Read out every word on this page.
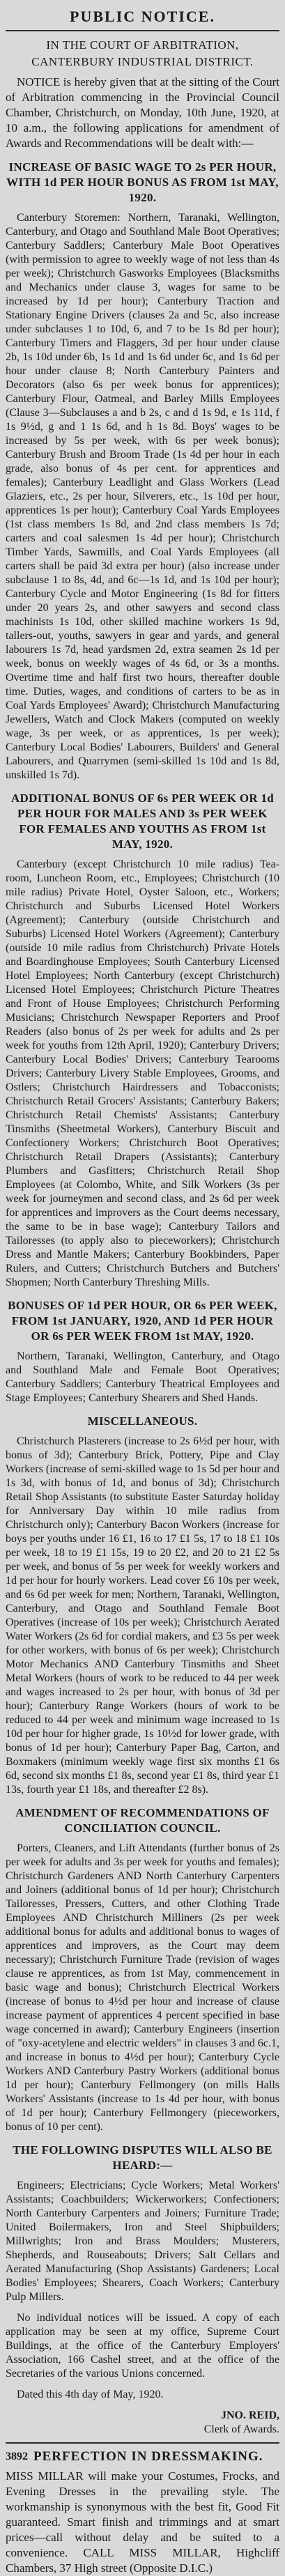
PUBLIC NOTICE.
IN THE COURT OF ARBITRATION,
CANTERBURY INDUSTRIAL DISTRICT.

NOTICE is hereby given that at the sitting of the Court of Arbitration commencing in the Provincial Council Chamber, Christchurch, on Monday, 10th June, 1920, at 10 a.m., the following applications for amendment of Awards and Recommendations will be dealt with:—

INCREASE OF BASIC WAGE TO 2s PER HOUR, WITH 1d PER HOUR BONUS AS FROM 1st MAY, 1920.

Canterbury Storemen: Northern, Taranaki, Wellington, Canterbury, and Otago and Southland Male Boot Operatives; Canterbury Saddlers; Canterbury Male Boot Operatives (with permission to agree to weekly wage of not less than 4s per week); Christchurch Gasworks Employees (Blacksmiths and Mechanics under clause 3, wages for same to be increased by 1d per hour); Canterbury Traction and Stationary Engine Drivers (clauses 2a and 5c, also increase under subclauses 1 to 10d, 6, and 7 to be 1s 8d per hour); Canterbury Timers and Flaggers, 3d per hour under clause 2b, 1s 10d under 6b, 1s 1d and 1s 6d under 6c, and 1s 6d per hour under clause 8; North Canterbury Painters and Decorators (also 6s per week bonus for apprentices); Canterbury Flour, Oatmeal, and Barley Mills Employees (Clause 3—Subclauses a and b 2s, c and d 1s 9d, e 1s 11d, f 1s 9½d, g and 1 1s 6d, and h 1s 8d. Boys' wages to be increased by 5s per week, with 6s per week bonus); Canterbury Brush and Broom Trade (1s 4d per hour in each grade, also bonus of 4s per cent. for apprentices and females); Canterbury Leadlight and Glass Workers (Lead Glaziers, etc., 2s per hour, Silverers, etc., 1s 10d per hour, apprentices 1s per hour); Canterbury Coal Yards Employees (1st class members 1s 8d, and 2nd class members 1s 7d; carters and coal salesmen 1s 4d per hour); Christchurch Timber Yards, Sawmills, and Coal Yards Employees (all carters shall be paid 3d extra per hour) (also increase under subclause 1 to 8s, 4d, and 6c—1s 1d, and 1s 10d per hour); Canterbury Cycle and Motor Engineering (1s 8d for fitters under 20 years 2s, and other sawyers and second class machinists 1s 10d, other skilled machine workers 1s 9d, tallers-out, youths, sawyers in gear and yards, and general labourers 1s 7d, head yardsmen 2d, extra seamen 2s 1d per week, bonus on weekly wages of 4s 6d, or 3s a months. Overtime time and half first two hours, thereafter double time. Duties, wages, and conditions of carters to be as in Coal Yards Employees' Award); Christchurch Manufacturing Jewellers, Watch and Clock Makers (computed on weekly wage, 3s per week, or as apprentices, 1s per week); Canterbury Local Bodies' Labourers, Builders' and General Labourers, and Quarrymen (semi-skilled 1s 10d and 1s 8d, unskilled 1s 7d).

ADDITIONAL BONUS OF 6s PER WEEK OR 1d PER HOUR FOR MALES AND 3s PER WEEK FOR FEMALES AND YOUTHS AS FROM 1st MAY, 1920.

Canterbury (except Christchurch 10 mile radius) Tea-room, Luncheon Room, etc., Employees; Christchurch (10 mile radius) Private Hotel, Oyster Saloon, etc., Workers; Christchurch and Suburbs Licensed Hotel Workers (Agreement); Canterbury (outside Christchurch and Suburbs) Licensed Hotel Workers (Agreement); Canterbury (outside 10 mile radius from Christchurch) Private Hotels and Boardinghouse Employees; South Canterbury Licensed Hotel Employees; North Canterbury (except Christchurch) Licensed Hotel Employees; Christchurch Picture Theatres and Front of House Employees; Christchurch Performing Musicians; Christchurch Newspaper Reporters and Proof Readers (also bonus of 2s per week for adults and 2s per week for youths from 12th April, 1920); Canterbury Drivers; Canterbury Local Bodies' Drivers; Canterbury Tearooms Drivers; Canterbury Livery Stable Employees, Grooms, and Ostlers; Christchurch Hairdressers and Tobacconists; Christchurch Retail Grocers' Assistants; Canterbury Bakers; Christchurch Retail Chemists' Assistants; Canterbury Tinsmiths (Sheetmetal Workers), Canterbury Biscuit and Confectionery Workers; Christchurch Boot Operatives; Christchurch Retail Drapers (Assistants); Canterbury Plumbers and Gasfitters; Christchurch Retail Shop Employees (at Colombo, White, and Silk Workers (3s per week for journeymen and second class, and 2s 6d per week for apprentices and improvers as the Court deems necessary, the same to be in base wage); Canterbury Tailors and Tailoresses (to apply also to pieceworkers); Christchurch Dress and Mantle Makers; Canterbury Bookbinders, Paper Rulers, and Cutters; Christchurch Butchers and Butchers' Shopmen; North Canterbury Threshing Mills.

BONUSES OF 1d PER HOUR, OR 6s PER WEEK, FROM 1st JANUARY, 1920, AND 1d PER HOUR OR 6s PER WEEK FROM 1st MAY, 1920.

Northern, Taranaki, Wellington, Canterbury, and Otago and Southland Male and Female Boot Operatives; Canterbury Saddlers; Canterbury Theatrical Employees and Stage Employees; Canterbury Shearers and Shed Hands.

MISCELLANEOUS.

Christchurch Plasterers (increase to 2s 6½d per hour, with bonus of 3d); Canterbury Brick, Pottery, Pipe and Clay Workers (increase of semi-skilled wage to 1s 5d per hour and 1s 3d, with bonus of 1d, and bonus of 3d); Christchurch Retail Shop Assistants (to substitute Easter Saturday holiday for Anniversary Day within 10 mile radius from Christchurch only); Canterbury Bacon Workers (increase for boys per youths under 16 £1, 16 to 17 £1 5s, 17 to 18 £1 10s per week, 18 to 19 £1 15s, 19 to 20 £2, and 20 to 21 £2 5s per week, and bonus of 5s per week for weekly workers and 1d per hour for hourly workers. Lead cover £6 10s per week, and 6s 6d per week for men; Northern, Taranaki, Wellington, Canterbury, and Otago and Southland Female Boot Operatives (increase of 10s per week); Christchurch Aerated Water Workers (2s 6d for cordial makers, and £3 5s per week for other workers, with bonus of 6s per week); Christchurch Motor Mechanics AND Canterbury Tinsmiths and Sheet Metal Workers (hours of work to be reduced to 44 per week and wages increased to 2s per hour, with bonus of 3d per hour); Canterbury Range Workers (hours of work to be reduced to 44 per week and minimum wage increased to 1s 10d per hour for higher grade, 1s 10½d for lower grade, with bonus of 1d per hour); Canterbury Paper Bag, Carton, and Boxmakers (minimum weekly wage first six months £1 6s 6d, second six months £1 8s, second year £1 8s, third year £1 13s, fourth year £1 18s, and thereafter £2 8s).

AMENDMENT OF RECOMMENDATIONS OF CONCILIATION COUNCIL.

Porters, Cleaners, and Lift Attendants (further bonus of 2s per week for adults and 3s per week for youths and females); Christchurch Gardeners AND North Canterbury Carpenters and Joiners (additional bonus of 1d per hour); Christchurch Tailoresses, Pressers, Cutters, and other Clothing Trade Employees AND Christchurch Milliners (2s per week additional bonus for adults and additional bonus to wages of apprentices and improvers, as the Court may deem necessary); Christchurch Furniture Trade (revision of wages clause re apprentices, as from 1st May, commencement in basic wage and bonus); Christchurch Electrical Workers (increase of bonus to 4½d per hour and increase of clause increase payment of apprentices 4 percent specified in base wage concerned in award); Canterbury Engineers (insertion of "oxy-acetylene and electric welders" in clauses 3 and 6c.1, and increase in bonus to 4½d per hour); Canterbury Cycle Workers AND Canterbury Pastry Workers (additional bonus 1d per hour); Canterbury Fellmongery (on mills Halls Workers' Assistants (increase to 1s 4d per hour, with bonus of 1d per hour); Canterbury Fellmongery (pieceworkers, bonus of 10 per cent).

THE FOLLOWING DISPUTES WILL ALSO BE HEARD:—

Engineers; Electricians; Cycle Workers; Metal Workers' Assistants; Coachbuilders; Wickerworkers; Confectioners; North Canterbury Carpenters and Joiners; Furniture Trade; United Boilermakers, Iron and Steel Shipbuilders; Millwrights; Iron and Brass Moulders; Musterers, Shepherds, and Rouseabouts; Drivers; Salt Cellars and Aerated Manufacturing (Shop Assistants) Gardeners; Local Bodies' Employees; Shearers, Coach Workers; Canterbury Pulp Millers.

No individual notices will be issued. A copy of each application may be seen at my office, Supreme Court Buildings, at the office of the Canterbury Employers' Association, 166 Cashel street, and at the office of the Secretaries of the various Unions concerned.

Dated this 4th day of May, 1920.

JNO. REID,
Clerk of Awards.
3892 PERFECTION IN DRESSMAKING.

MISS MILLAR will make your Costumes, Frocks, and Evening Dresses in the prevailing style. The workmanship is synonymous with the best fit, Good Fit guaranteed. Smart finish and trimmings and at smart prices—call without delay and be suited to a convenience. CALL MISS MILLAR, Highcliff Chambers, 37 High street (Opposite D.I.C.)
